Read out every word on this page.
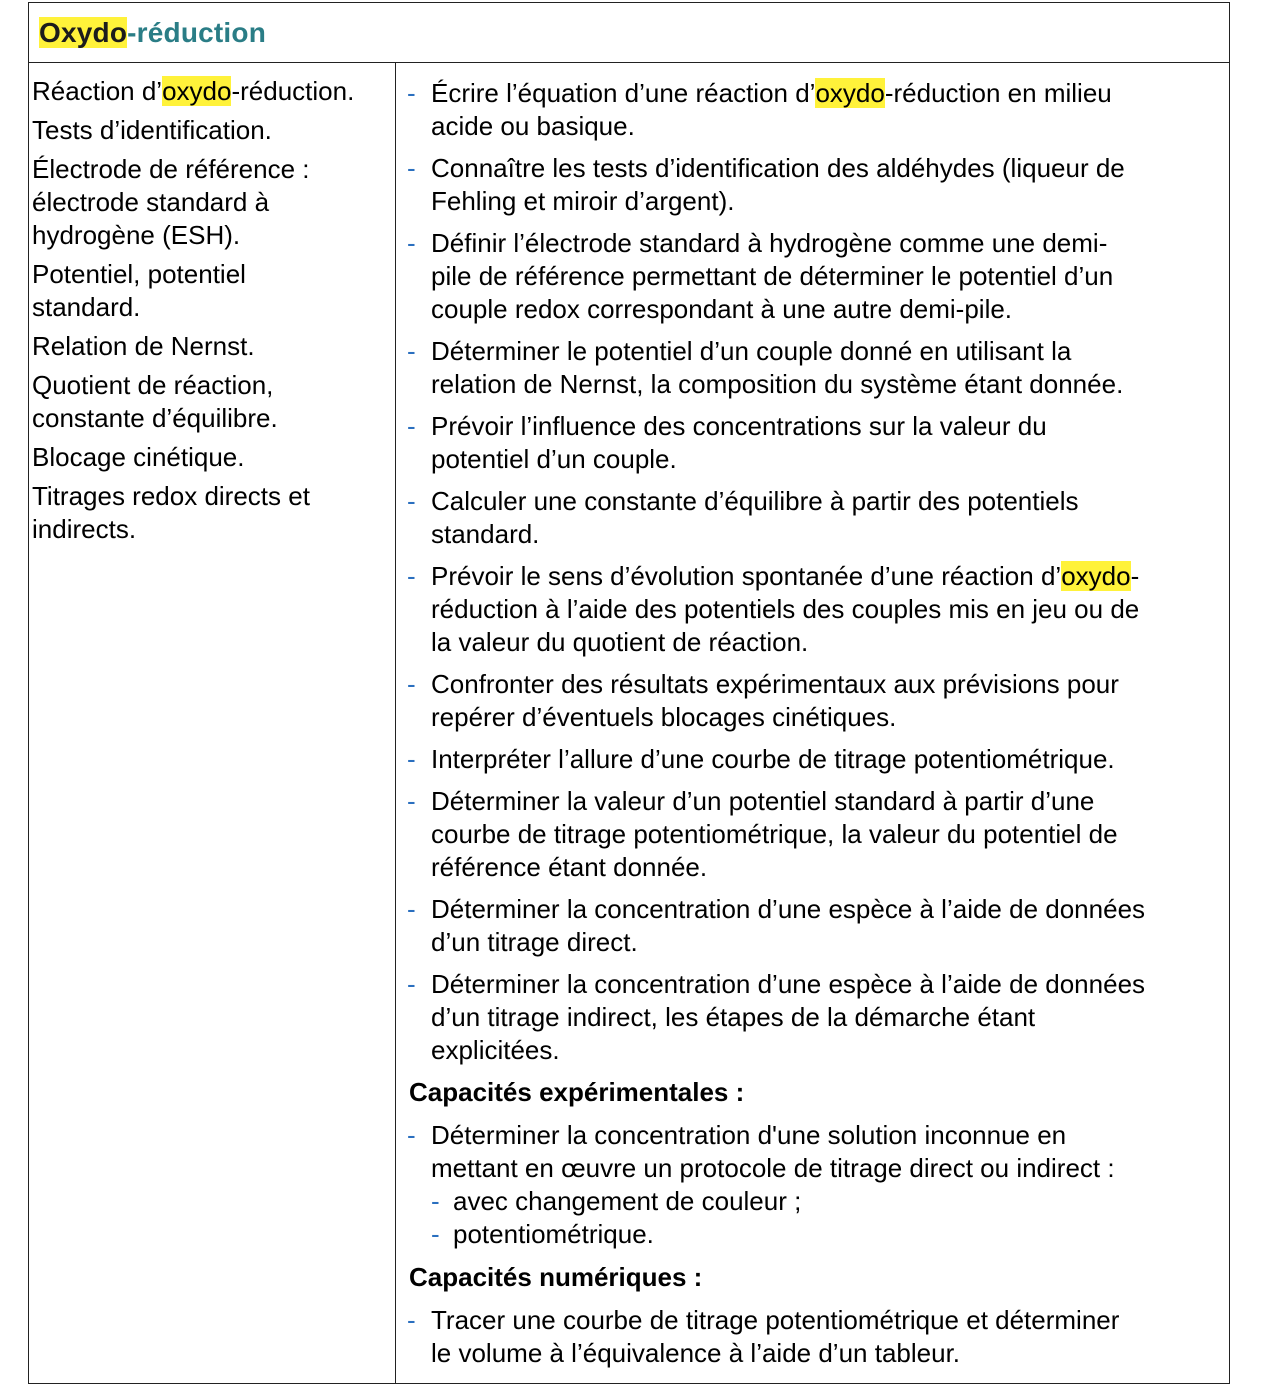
Oxydo-réduction
Réaction d’oxydo-réduction.
Tests d’identification.
Électrode de référence :
électrode standard à
hydrogène (ESH).
Potentiel, potentiel
standard.
Relation de Nernst.
Quotient de réaction,
constante d’équilibre.
Blocage cinétique.
Titrages redox directs et
indirects.
- Écrire l’équation d’une réaction d’oxydo-réduction en milieu
acide ou basique.
- Connaître les tests d’identification des aldéhydes (liqueur de
Fehling et miroir d’argent).
- Définir l’électrode standard à hydrogène comme une demi-
pile de référence permettant de déterminer le potentiel d’un
couple redox correspondant à une autre demi-pile.
- Déterminer le potentiel d’un couple donné en utilisant la
relation de Nernst, la composition du système étant donnée.
- Prévoir l’influence des concentrations sur la valeur du
potentiel d’un couple.
- Calculer une constante d’équilibre à partir des potentiels
standard.
- Prévoir le sens d’évolution spontanée d’une réaction d’oxydo-
réduction à l’aide des potentiels des couples mis en jeu ou de
la valeur du quotient de réaction.
- Confronter des résultats expérimentaux aux prévisions pour
repérer d’éventuels blocages cinétiques.
- Interpréter l’allure d’une courbe de titrage potentiométrique.
- Déterminer la valeur d’un potentiel standard à partir d’une
courbe de titrage potentiométrique, la valeur du potentiel de
référence étant donnée.
- Déterminer la concentration d’une espèce à l’aide de données
d’un titrage direct.
- Déterminer la concentration d’une espèce à l’aide de données
d’un titrage indirect, les étapes de la démarche étant
explicitées.
Capacités expérimentales :
- Déterminer la concentration d'une solution inconnue en
mettant en œuvre un protocole de titrage direct ou indirect :
- avec changement de couleur ;
- potentiométrique.
Capacités numériques :
- Tracer une courbe de titrage potentiométrique et déterminer
le volume à l’équivalence à l’aide d’un tableur.
